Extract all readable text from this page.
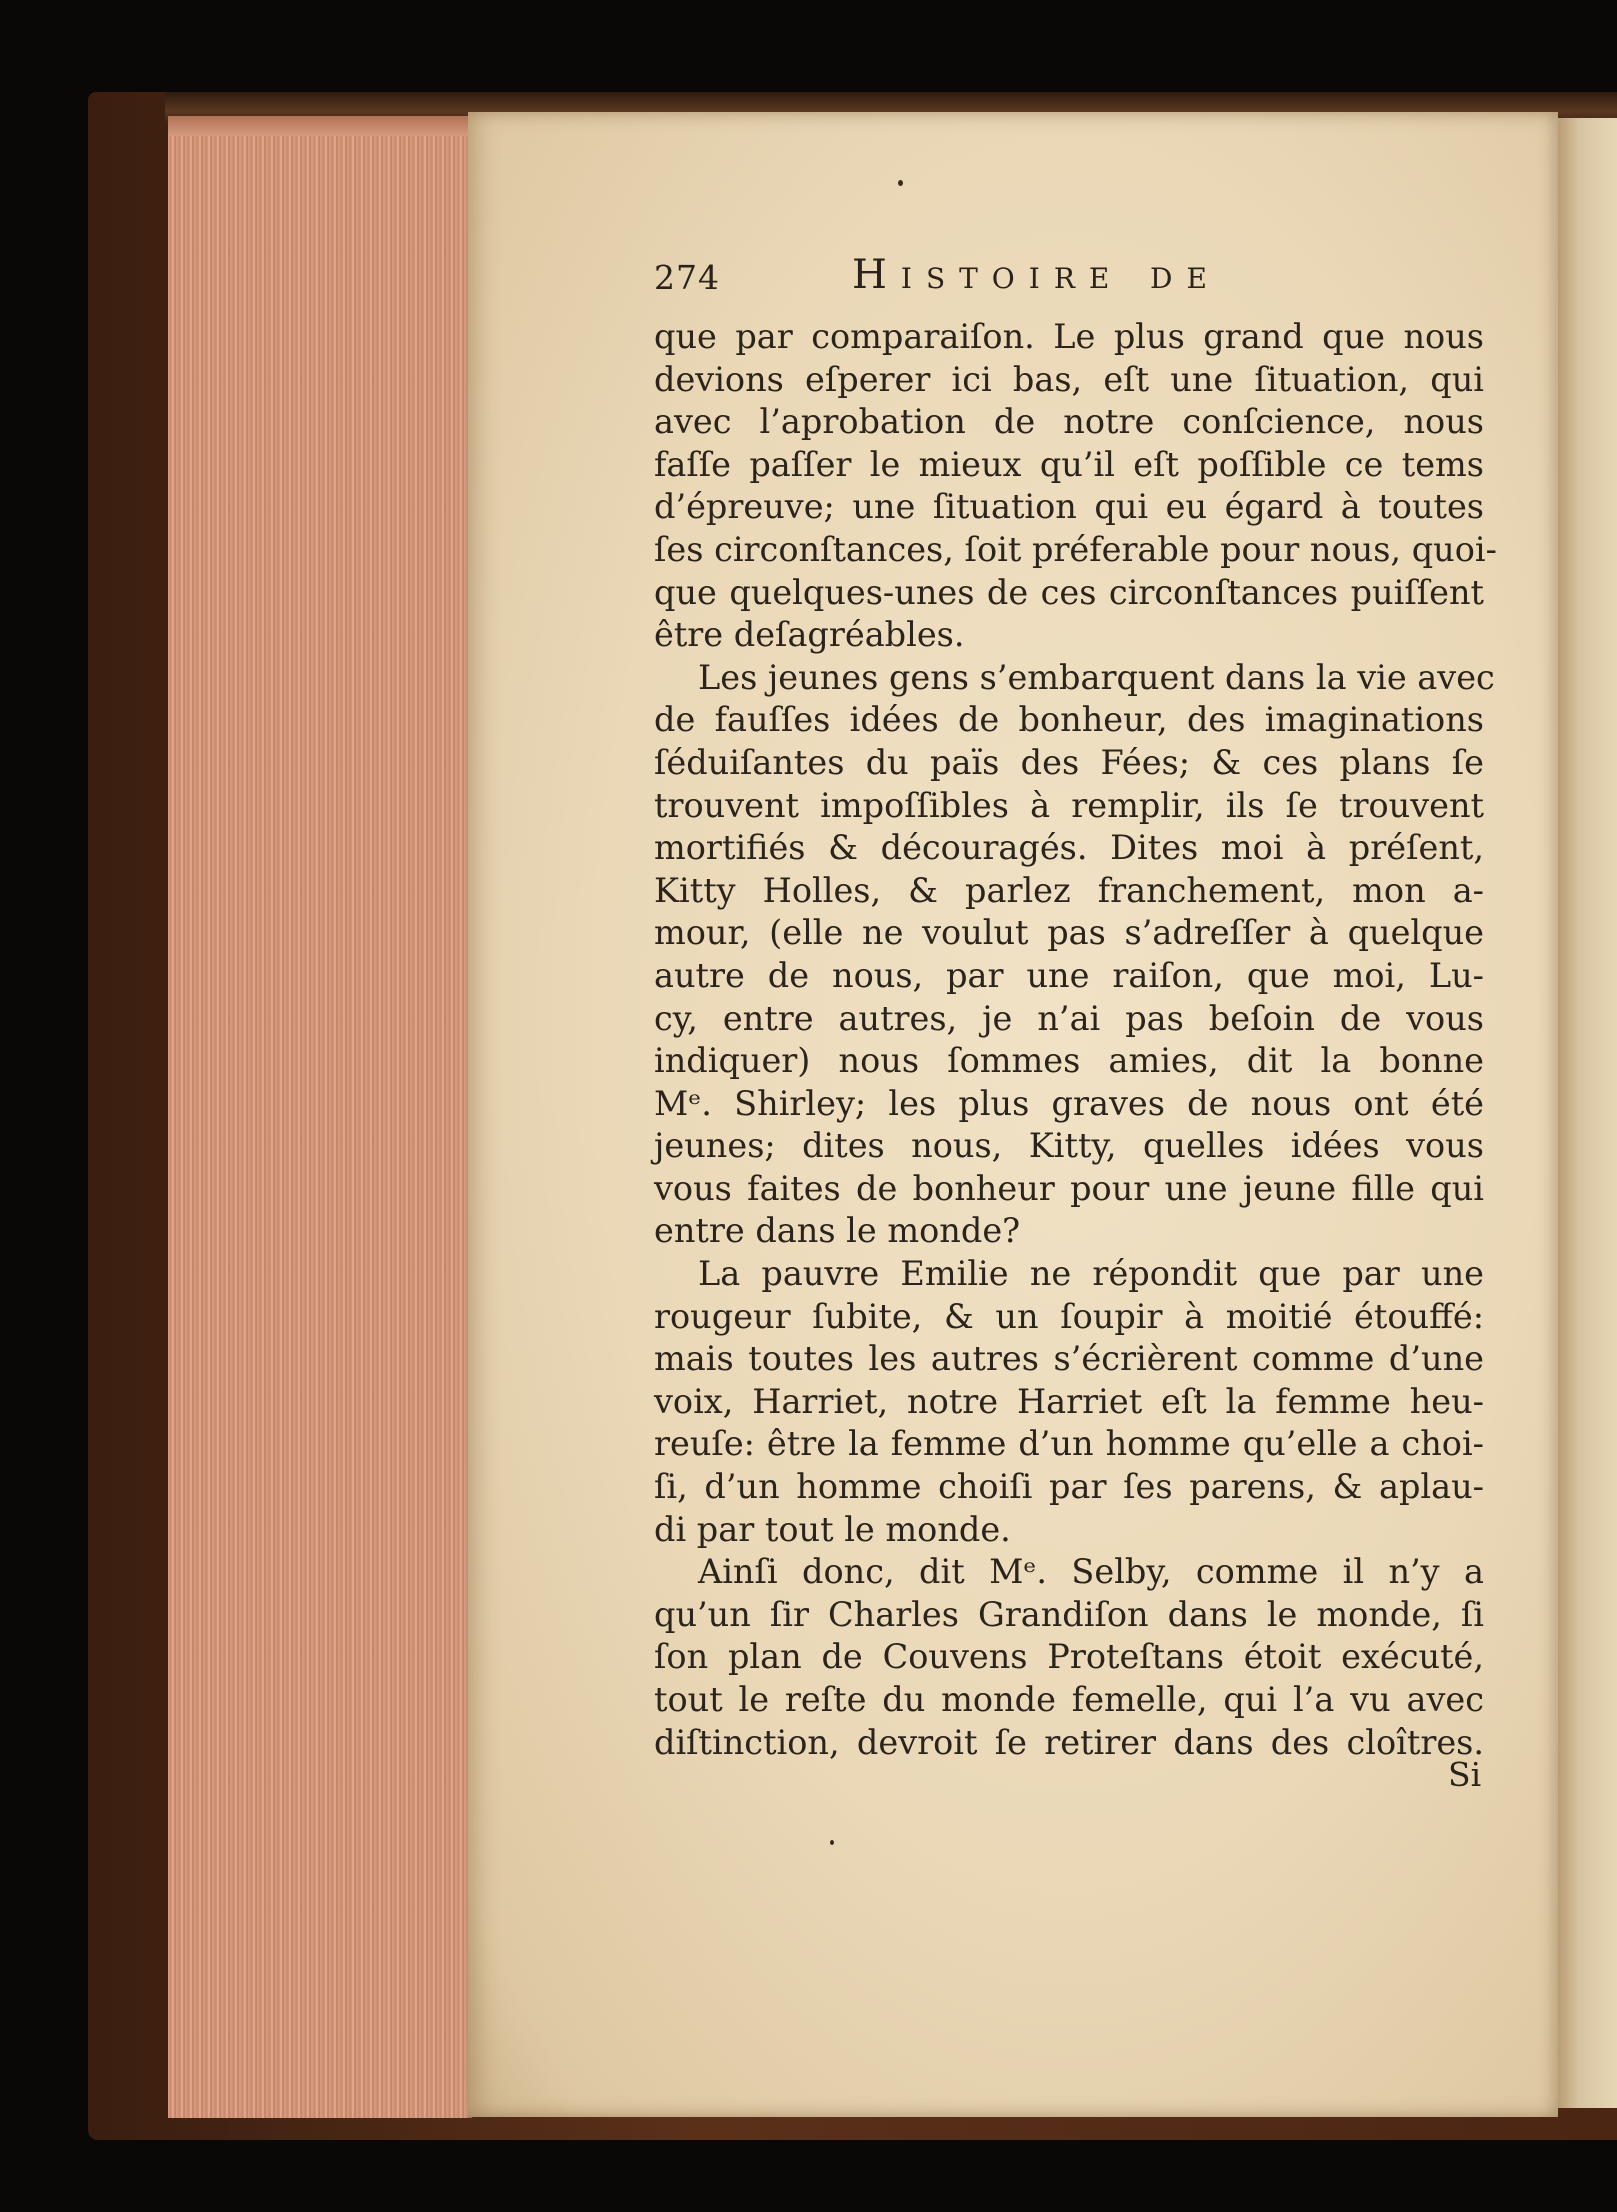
274	Histoire de
que par comparaiſon. Le plus grand que nous
devions eſperer ici bas, eſt une ſituation, qui
avec l’aprobation de notre conſcience, nous
faſſe paſſer le mieux qu’il eſt poſſible ce tems
d’épreuve; une ſituation qui eu égard à toutes
ſes circonſtances, ſoit préferable pour nous, quoi-
que quelques-unes de ces circonſtances puiſſent
être deſagréables.
Les jeunes gens s’embarquent dans la vie avec
de fauſſes idées de bonheur, des imaginations
ſéduiſantes du païs des Fées; & ces plans ſe
trouvent impoſſibles à remplir, ils ſe trouvent
mortifiés & découragés. Dites moi à préſent,
Kitty Holles, & parlez franchement, mon a-
mour, (elle ne voulut pas s’adreſſer à quelque
autre de nous, par une raiſon, que moi, Lu-
cy, entre autres, je n’ai pas beſoin de vous
indiquer) nous ſommes amies, dit la bonne
Mᵉ. Shirley; les plus graves de nous ont été
jeunes; dites nous, Kitty, quelles idées vous
vous faites de bonheur pour une jeune fille qui
entre dans le monde?
La pauvre Emilie ne répondit que par une
rougeur ſubite, & un ſoupir à moitié étouffé:
mais toutes les autres s’écrièrent comme d’une
voix, Harriet, notre Harriet eſt la femme heu-
reuſe: être la femme d’un homme qu’elle a choi-
ſi, d’un homme choiſi par ſes parens, & aplau-
di par tout le monde.
Ainſi donc, dit Mᵉ. Selby, comme il n’y a
qu’un ſir Charles Grandiſon dans le monde, ſi
ſon plan de Couvens Proteſtans étoit exécuté,
tout le reſte du monde femelle, qui l’a vu avec
diſtinction, devroit ſe retirer dans des cloîtres.
Si
